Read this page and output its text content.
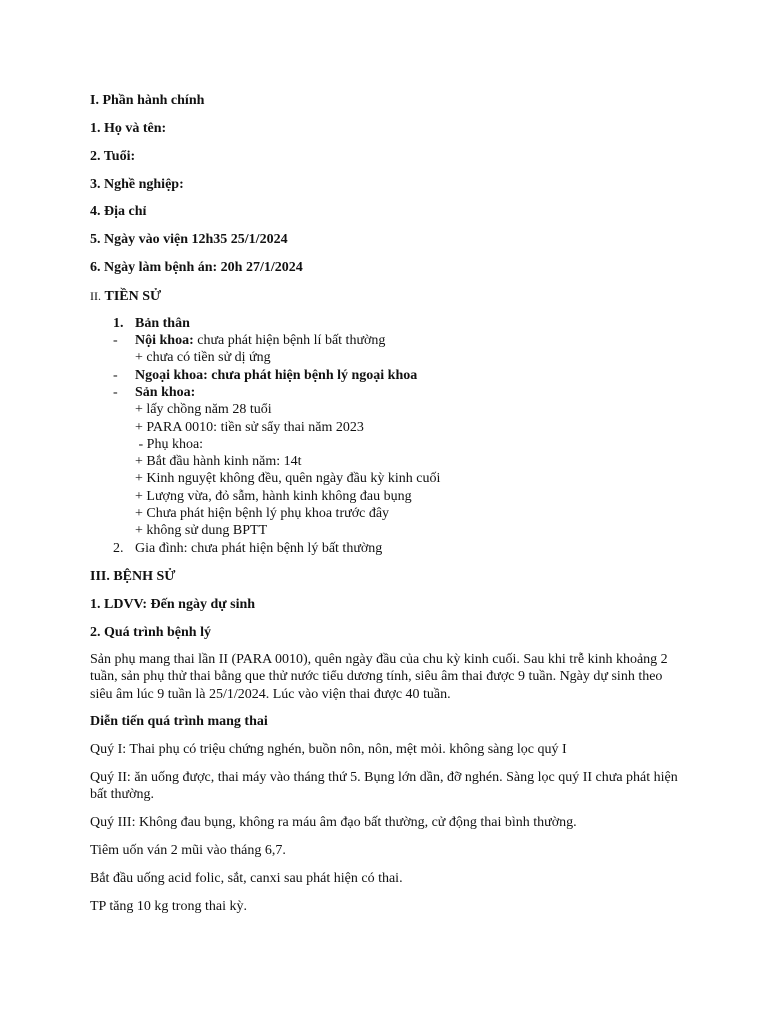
I. Phần hành chính
1. Họ và tên:
2. Tuổi:
3. Nghề nghiệp:
4. Địa chỉ
5. Ngày vào viện 12h35 25/1/2024
6. Ngày làm bệnh án: 20h 27/1/2024
II. TIỀN SỬ
1. Bản thân
- Nội khoa: chưa phát hiện bệnh lí bất thường
+ chưa có tiền sử dị ứng
- Ngoại khoa: chưa phát hiện bệnh lý ngoại khoa
- Sản khoa:
+ lấy chồng năm 28 tuổi
+ PARA 0010: tiền sử sẩy thai năm 2023
- Phụ khoa:
+ Bắt đầu hành kinh năm: 14t
+ Kinh nguyệt không đều, quên ngày đầu kỳ kinh cuối
+ Lượng vừa, đỏ sẫm, hành kinh không đau bụng
+ Chưa phát hiện bệnh lý phụ khoa trước đây
+ không sử dung BPTT
2. Gia đình: chưa phát hiện bệnh lý bất thường
III. BỆNH SỬ
1. LDVV: Đến ngày dự sinh
2. Quá trình bệnh lý
Sản phụ mang thai lần II (PARA 0010), quên ngày đầu của chu kỳ kinh cuối. Sau khi trễ kinh khoảng 2
tuần, sản phụ thử thai bằng que thử nước tiểu dương tính, siêu âm thai được 9 tuần. Ngày dự sinh theo
siêu âm lúc 9 tuần là 25/1/2024. Lúc vào viện thai được 40 tuần.
Diễn tiến quá trình mang thai
Quý I: Thai phụ có triệu chứng nghén, buồn nôn, nôn, mệt mỏi. không sàng lọc quý I
Quý II: ăn uống được, thai máy vào tháng thứ 5. Bụng lớn dần, đỡ nghén. Sàng lọc quý II chưa phát hiện
bất thường.
Quý III: Không đau bụng, không ra máu âm đạo bất thường, cử động thai bình thường.
Tiêm uốn ván 2 mũi vào tháng 6,7.
Bắt đầu uống acid folic, sắt, canxi sau phát hiện có thai.
TP tăng 10 kg trong thai kỳ.
